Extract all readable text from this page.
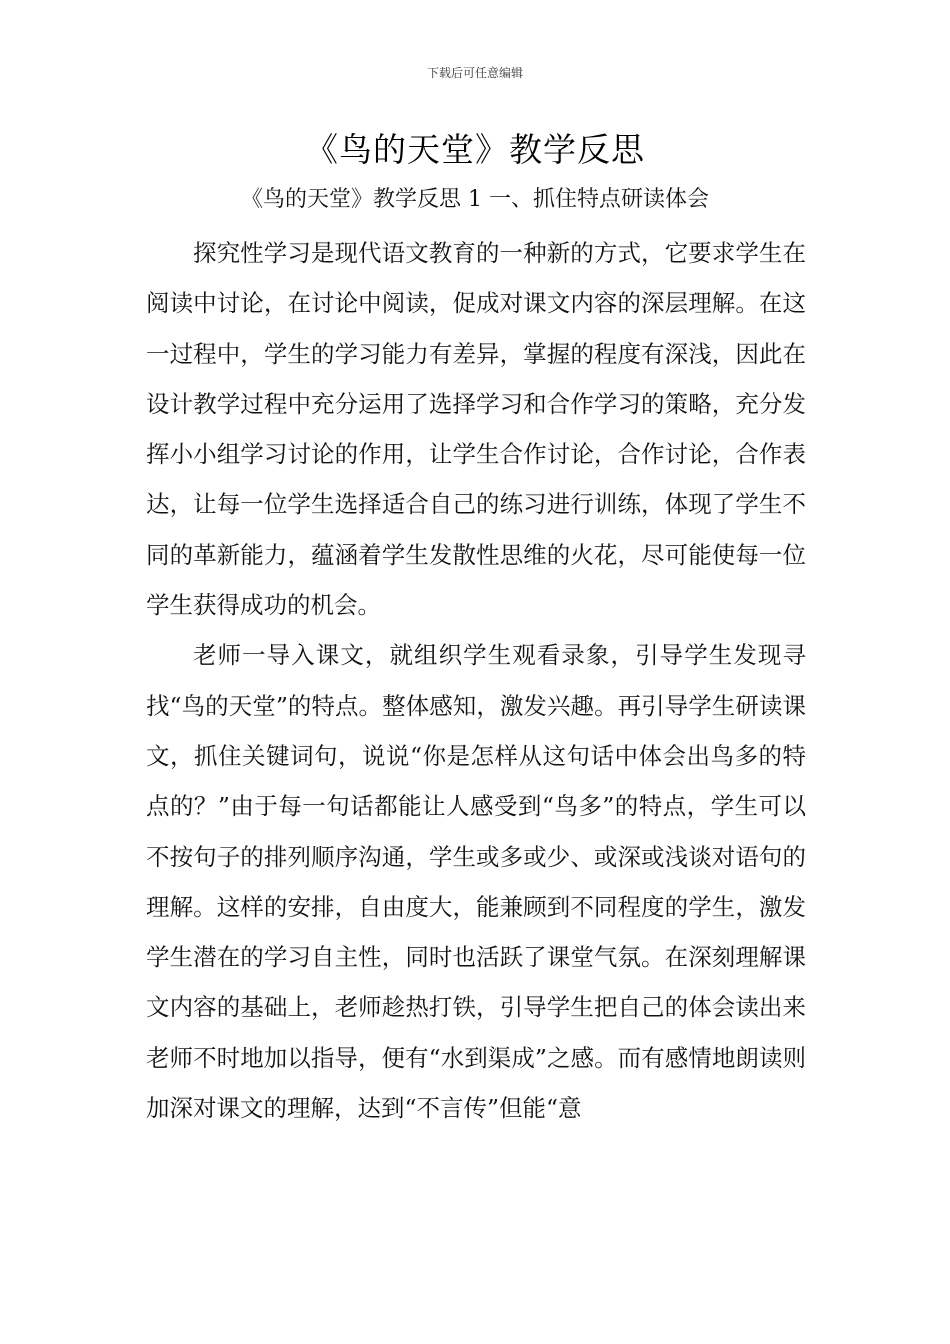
下载后可任意编辑
《鸟的天堂》教学反思
《鸟的天堂》教学反思 1 一、抓住特点研读体会

探究性学习是现代语文教育的一种新的方式，它要求学生在阅读中讨论，在讨论中阅读，促成对课文内容的深层理解。在这一过程中，学生的学习能力有差异，掌握的程度有深浅，因此在设计教学过程中充分运用了选择学习和合作学习的策略，充分发挥小小组学习讨论的作用，让学生合作讨论，合作讨论，合作表达，让每一位学生选择适合自己的练习进行训练，体现了学生不同的革新能力，蕴涵着学生发散性思维的火花，尽可能使每一位学生获得成功的机会。

老师一导入课文，就组织学生观看录象，引导学生发现寻找“鸟的天堂”的特点。整体感知，激发兴趣。再引导学生研读课文，抓住关键词句，说说“你是怎样从这句话中体会出鸟多的特点的？”由于每一句话都能让人感受到“鸟多”的特点，学生可以不按句子的排列顺序沟通，学生或多或少、或深或浅谈对语句的理解。这样的安排，自由度大，能兼顾到不同程度的学生，激发学生潜在的学习自主性，同时也活跃了课堂气氛。在深刻理解课文内容的基础上，老师趁热打铁，引导学生把自己的体会读出来老师不时地加以指导，便有“水到渠成”之感。而有感情地朗读则加深对课文的理解，达到“不言传”但能“意
